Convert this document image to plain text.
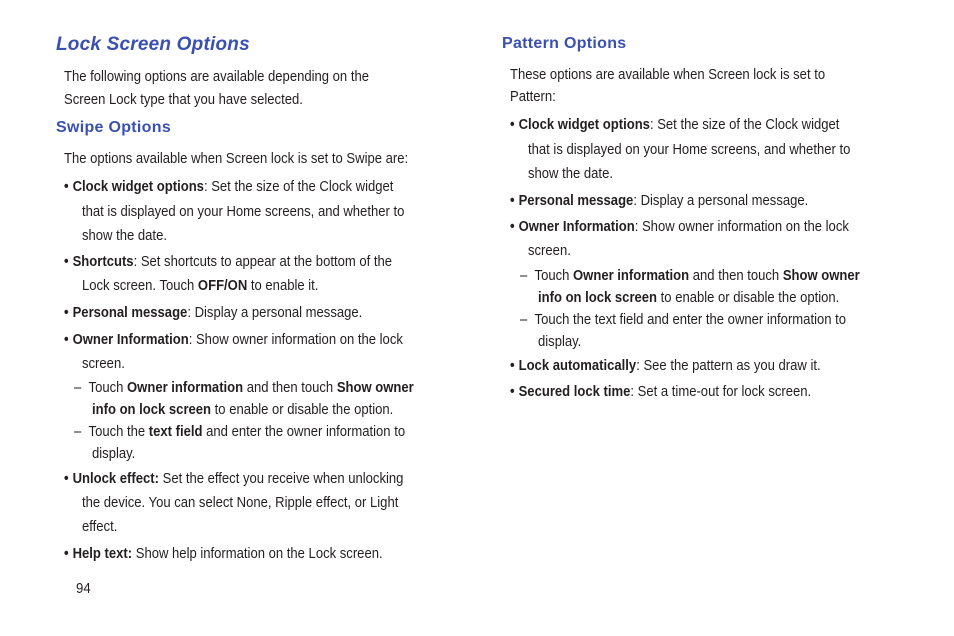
Lock Screen Options
The following options are available depending on the
Screen Lock type that you have selected.
Swipe Options
The options available when Screen lock is set to Swipe are:
• Clock widget options: Set the size of the Clock widget
that is displayed on your Home screens, and whether to
show the date.
• Shortcuts: Set shortcuts to appear at the bottom of the
Lock screen. Touch OFF/ON to enable it.
• Personal message: Display a personal message.
• Owner Information: Show owner information on the lock
screen.
– Touch Owner information and then touch Show owner
info on lock screen to enable or disable the option.
– Touch the text field and enter the owner information to
display.
• Unlock effect: Set the effect you receive when unlocking
the device. You can select None, Ripple effect, or Light
effect.
• Help text: Show help information on the Lock screen.
94
Pattern Options
These options are available when Screen lock is set to
Pattern:
• Clock widget options: Set the size of the Clock widget
that is displayed on your Home screens, and whether to
show the date.
• Personal message: Display a personal message.
• Owner Information: Show owner information on the lock
screen.
– Touch Owner information and then touch Show owner
info on lock screen to enable or disable the option.
– Touch the text field and enter the owner information to
display.
• Lock automatically: See the pattern as you draw it.
• Secured lock time: Set a time-out for lock screen.
